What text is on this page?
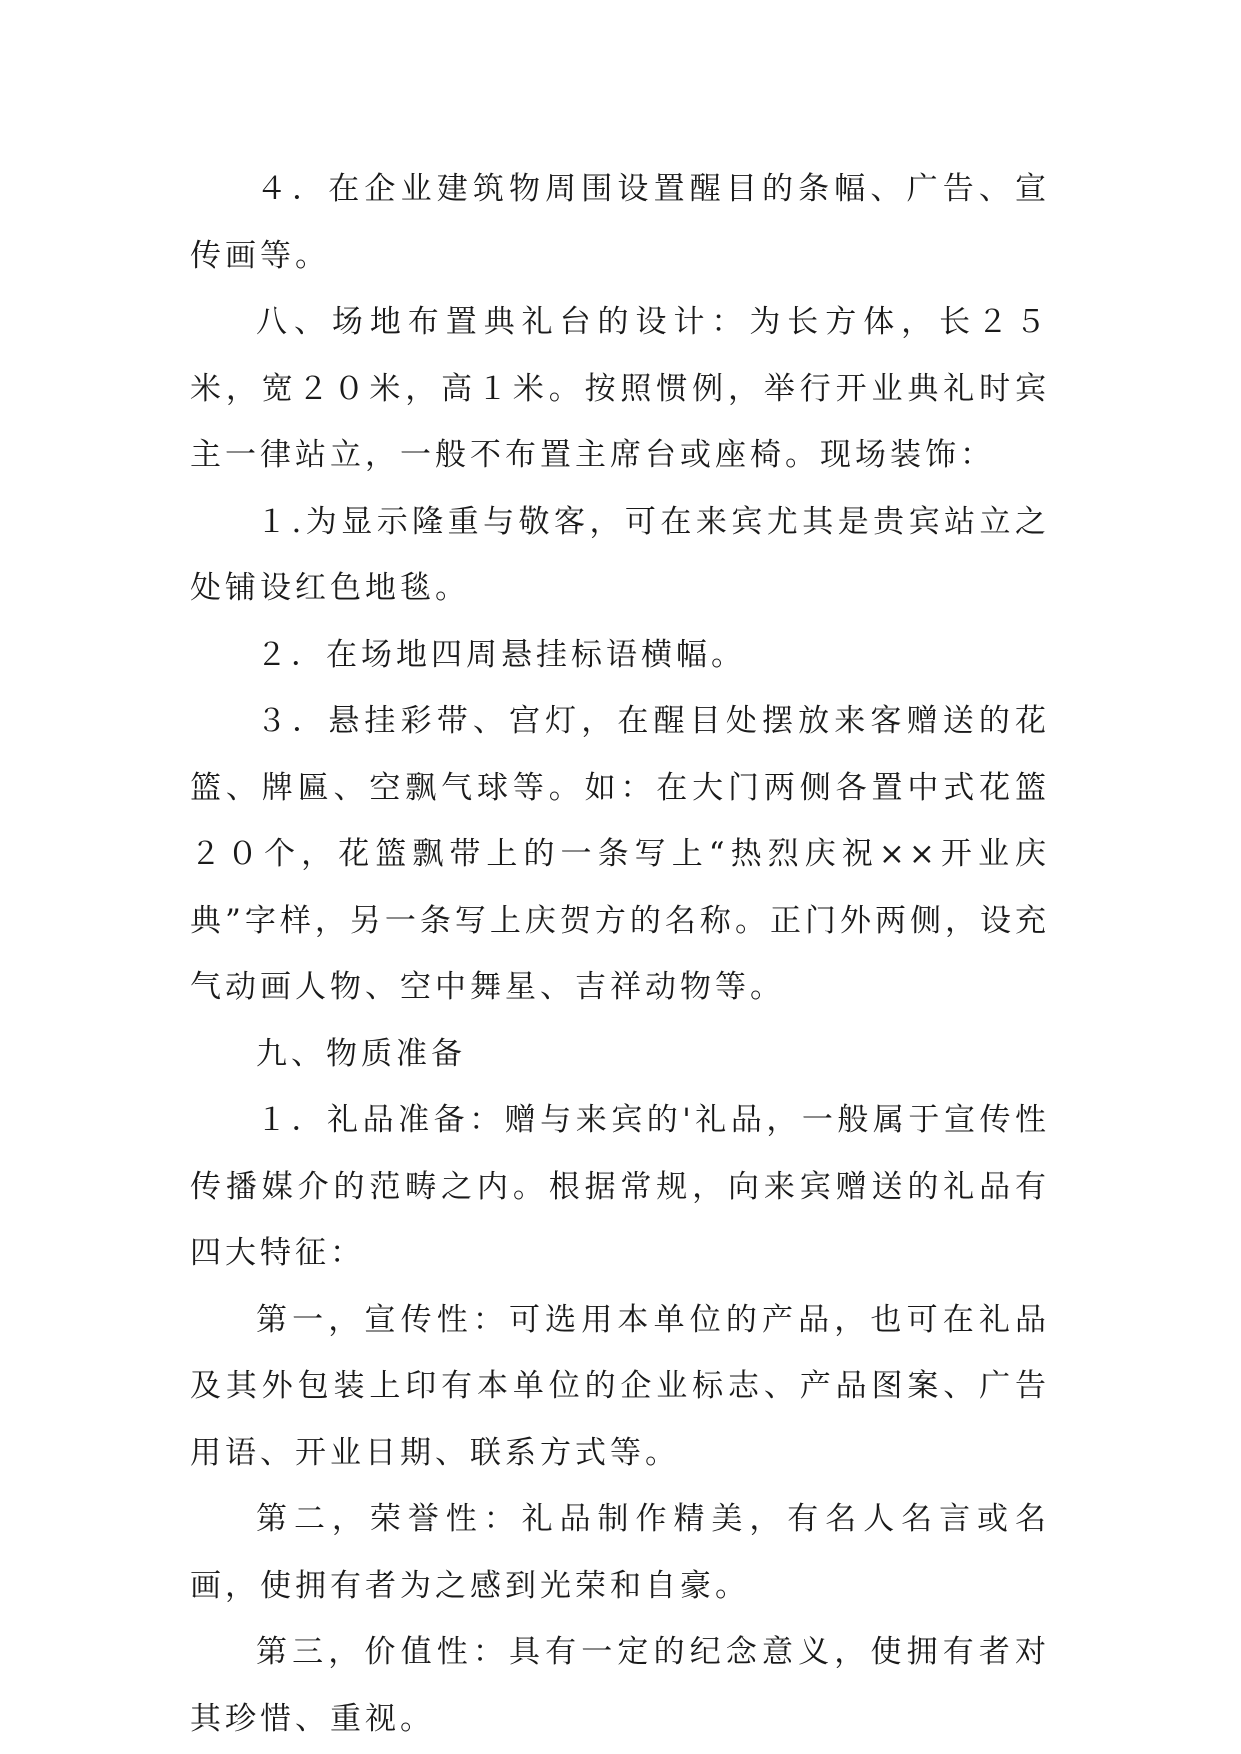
４．在企业建筑物周围设置醒目的条幅、广告、宣传画等。

八、场地布置典礼台的设计：为长方体，长２５米，宽２０米，高１米。按照惯例，举行开业典礼时宾主一律站立，一般不布置主席台或座椅。现场装饰：

１.为显示隆重与敬客，可在来宾尤其是贵宾站立之处铺设红色地毯。

２．在场地四周悬挂标语横幅。

３．悬挂彩带、宫灯，在醒目处摆放来客赠送的花篮、牌匾、空飘气球等。如：在大门两侧各置中式花篮２０个，花篮飘带上的一条写上“热烈庆祝××开业庆典”字样，另一条写上庆贺方的名称。正门外两侧，设充气动画人物、空中舞星、吉祥动物等。

九、物质准备

１．礼品准备：赠与来宾的'礼品，一般属于宣传性传播媒介的范畴之内。根据常规，向来宾赠送的礼品有四大特征：

第一，宣传性：可选用本单位的产品，也可在礼品及其外包装上印有本单位的企业标志、产品图案、广告用语、开业日期、联系方式等。

第二，荣誉性：礼品制作精美，有名人名言或名画，使拥有者为之感到光荣和自豪。

第三，价值性：具有一定的纪念意义，使拥有者对其珍惜、重视。
